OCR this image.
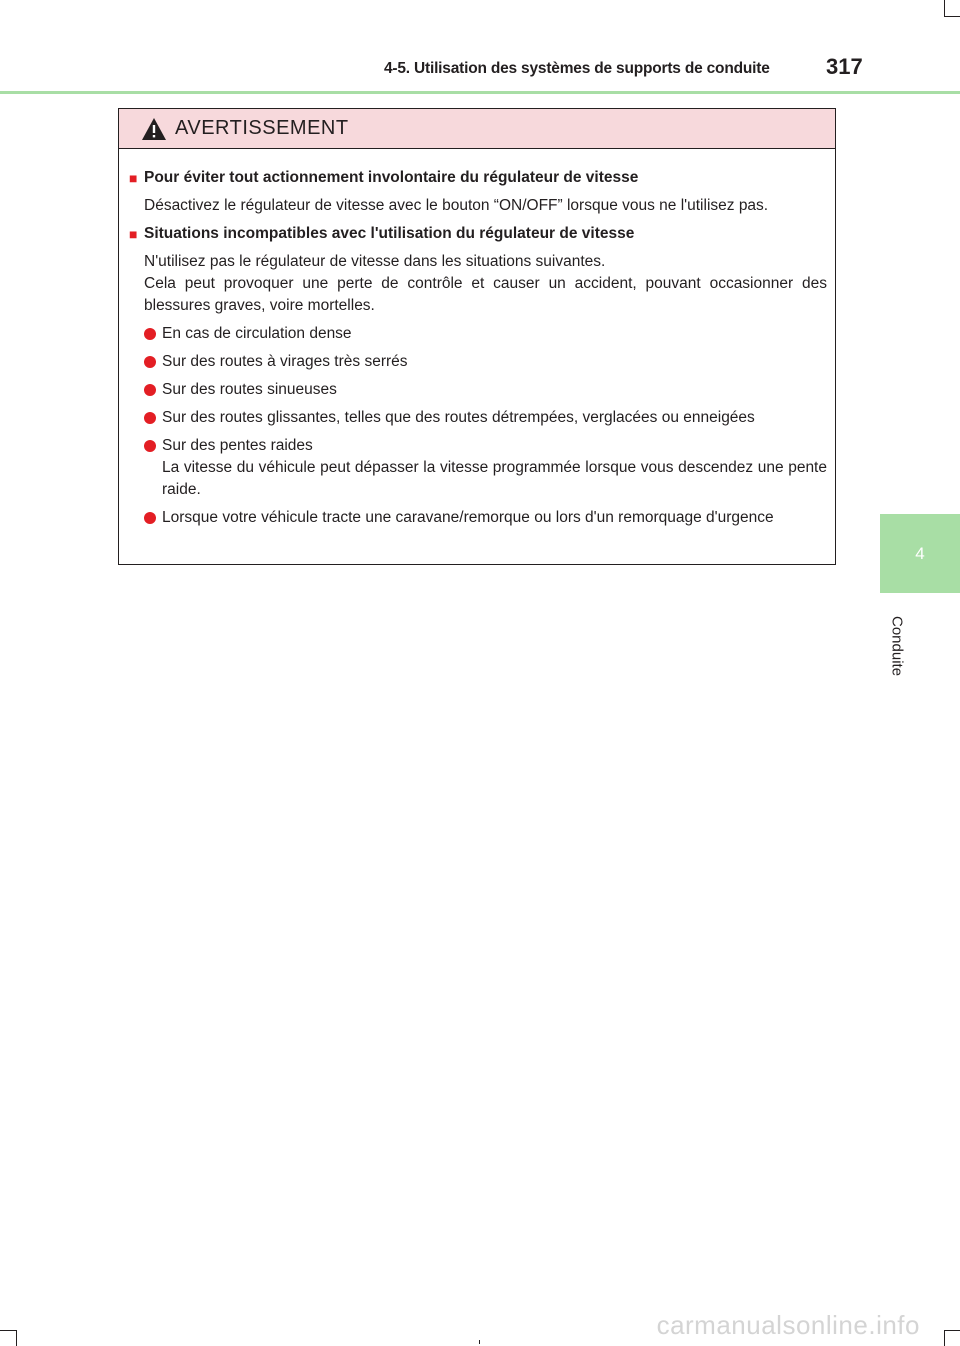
4-5. Utilisation des systèmes de supports de conduite	317
4
Conduite
AVERTISSEMENT
■ Pour éviter tout actionnement involontaire du régulateur de vitesse

Désactivez le régulateur de vitesse avec le bouton “ON/OFF” lorsque vous ne l'utilisez pas.

■ Situations incompatibles avec l'utilisation du régulateur de vitesse

N'utilisez pas le régulateur de vitesse dans les situations suivantes.

Cela peut provoquer une perte de contrôle et causer un accident, pouvant occasionner des blessures graves, voire mortelles.

En cas de circulation dense

Sur des routes à virages très serrés

Sur des routes sinueuses

Sur des routes glissantes, telles que des routes détrempées, verglacées ou enneigées

Sur des pentes raides

La vitesse du véhicule peut dépasser la vitesse programmée lorsque vous descendez une pente raide.

Lorsque votre véhicule tracte une caravane/remorque ou lors d'un remorquage d'urgence

carmanualsonline.info
